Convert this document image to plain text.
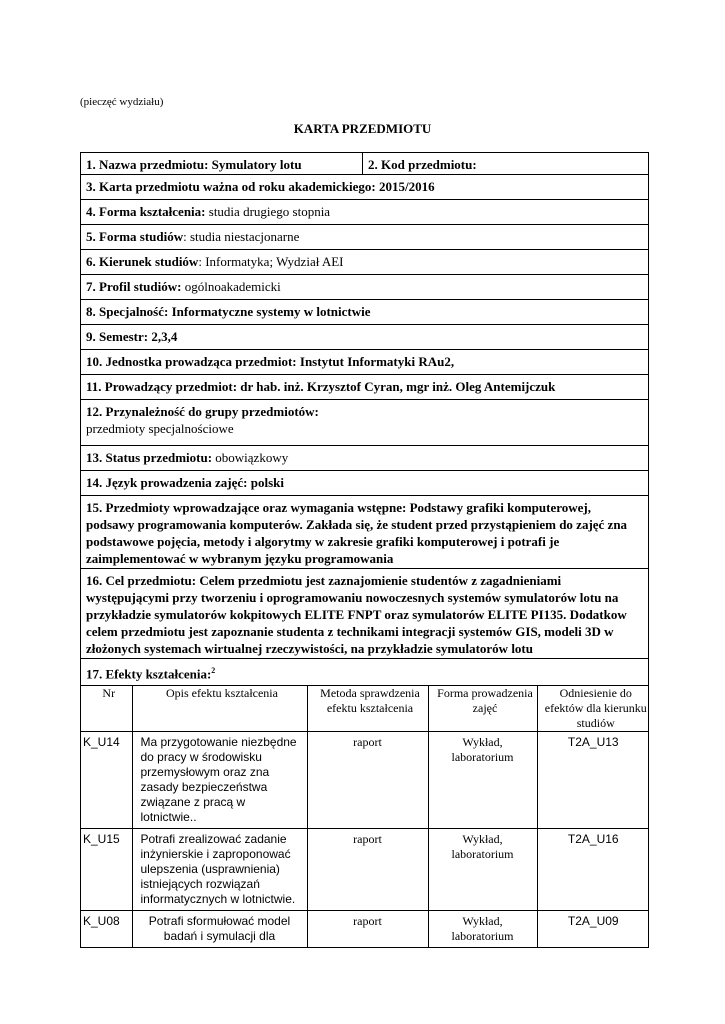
(pieczęć wydziału)
KARTA PRZEDMIOTU
1. Nazwa przedmiotu: Symulatory lotu	2. Kod przedmiotu:
3. Karta przedmiotu ważna od roku akademickiego: 2015/2016
4. Forma kształcenia: studia drugiego stopnia
5. Forma studiów: studia niestacjonarne
6. Kierunek studiów: Informatyka; Wydział AEI
7. Profil studiów: ogólnoakademicki
8. Specjalność: Informatyczne systemy w lotnictwie
9. Semestr: 2,3,4
10. Jednostka prowadząca przedmiot: Instytut Informatyki RAu2,
11. Prowadzący przedmiot: dr hab. inż. Krzysztof Cyran, mgr inż. Oleg Antemijczuk

12. Przynależność do grupy przedmiotów:
przedmioty specjalnościowe

13. Status przedmiotu: obowiązkowy
14. Język prowadzenia zajęć: polski
15. Przedmioty wprowadzające oraz wymagania wstępne: Podstawy grafiki komputerowej, podsawy programowania komputerów. Zakłada się, że student przed przystąpieniem do zajęć zna podstawowe pojęcia, metody i algorytmy w zakresie grafiki komputerowej i potrafi je zaimplementować w wybranym języku programowania
16. Cel przedmiotu: Celem przedmiotu jest zaznajomienie studentów z zagadnieniami występującymi przy tworzeniu i oprogramowaniu nowoczesnych systemów symulatorów lotu na przykładzie symulatorów kokpitowych ELITE FNPT oraz symulatorów ELITE PI135. Dodatkow celem przedmiotu jest zapoznanie studenta z technikami integracji systemów GIS, modeli 3D w złożonych systemach wirtualnej rzeczywistości, na przykładzie symulatorów lotu

17. Efekty kształcenia:$^2$
Nr	Opis efektu kształcenia	Metoda sprawdzenia efektu kształcenia	Forma prowadzenia zajęć	Odniesienie do efektów dla kierunku studiów
K_U14	Ma przygotowanie niezbędne do pracy w środowisku przemysłowym oraz zna zasady bezpieczeństwa związane z pracą w lotnictwie..	raport	Wykład, laboratorium	T2A_U13
K_U15	Potrafi zrealizować zadanie inżynierskie i zaproponować ulepszenia (usprawnienia) istniejących rozwiązań informatycznych w lotnictwie.	raport	Wykład, laboratorium	T2A_U16
K_U08	Potrafi sformułować model badań i symulacji dla	raport	Wykład, laboratorium	T2A_U09
